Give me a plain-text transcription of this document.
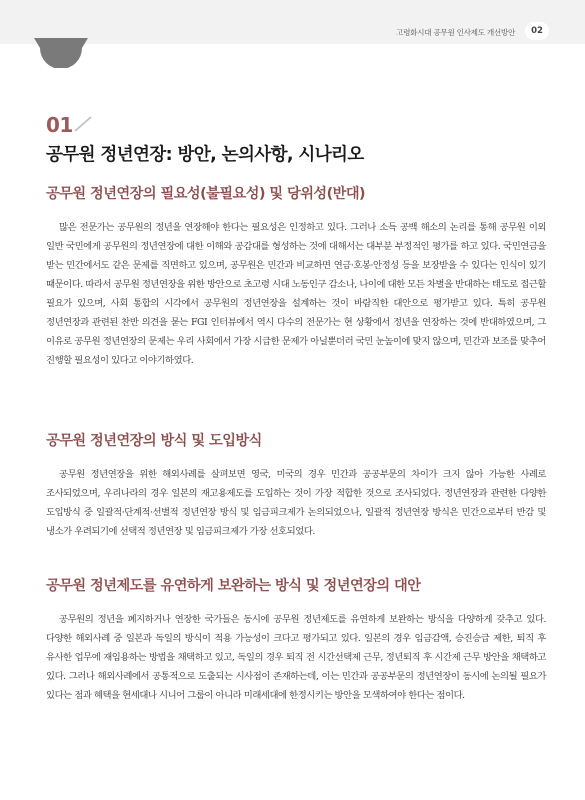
고령화시대 공무원 인사제도 개선방안	02
01
공무원 정년연장: 방안, 논의사항, 시나리오
공무원 정년연장의 필요성(불필요성) 및 당위성(반대)

많은 전문가는 공무원의 정년을 연장해야 한다는 필요성은 인정하고 있다. 그러나 소득 공백 해소의 논리를 통해 공무원 이외 일반 국민에게 공무원의 정년연장에 대한 이해와 공감대를 형성하는 것에 대해서는 대부분 부정적인 평가를 하고 있다. 국민연금을 받는 민간에서도 같은 문제를 직면하고 있으며, 공무원은 민간과 비교하면 연금·호봉·안정성 등을 보장받을 수 있다는 인식이 있기 때문이다. 따라서 공무원 정년연장을 위한 방안으로 초고령 시대 노동인구 감소나, 나이에 대한 모든 차별을 반대하는 태도로 접근할 필요가 있으며, 사회 통합의 시각에서 공무원의 정년연장을 설계하는 것이 바람직한 대안으로 평가받고 있다. 특히 공무원 정년연장과 관련된 찬반 의견을 묻는 FGI 인터뷰에서 역시 다수의 전문가는 현 상황에서 정년을 연장하는 것에 반대하였으며, 그 이유로 공무원 정년연장의 문제는 우리 사회에서 가장 시급한 문제가 아닐뿐더러 국민 눈높이에 맞지 않으며, 민간과 보조를 맞추어 진행할 필요성이 있다고 이야기하였다.

공무원 정년연장의 방식 및 도입방식

공무원 정년연장을 위한 해외사례를 살펴보면 영국, 미국의 경우 민간과 공공부문의 차이가 크지 않아 가능한 사례로 조사되었으며, 우리나라의 경우 일본의 재고용제도를 도입하는 것이 가장 적합한 것으로 조사되었다. 정년연장과 관련한 다양한 도입방식 중 일괄적·단계적·선별적 정년연장 방식 및 임금피크제가 논의되었으나, 일괄적 정년연장 방식은 민간으로부터 반감 및 냉소가 우려되기에 선택적 정년연장 및 임금피크제가 가장 선호되었다.

공무원 정년제도를 유연하게 보완하는 방식 및 정년연장의 대안

공무원의 정년을 폐지하거나 연장한 국가들은 동시에 공무원 정년제도를 유연하게 보완하는 방식을 다양하게 갖추고 있다. 다양한 해외사례 중 일본과 독일의 방식이 적용 가능성이 크다고 평가되고 있다. 일본의 경우 임금감액, 승진승급 제한, 퇴직 후 유사한 업무에 재임용하는 방법을 채택하고 있고, 독일의 경우 퇴직 전 시간선택제 근무, 정년퇴직 후 시간제 근무 방안을 채택하고 있다. 그러나 해외사례에서 공통적으로 도출되는 시사점이 존재하는데, 이는 민간과 공공부문의 정년연장이 동시에 논의될 필요가 있다는 점과 혜택을 현세대나 시니어 그룹이 아니라 미래세대에 한정시키는 방안을 모색하여야 한다는 점이다.
